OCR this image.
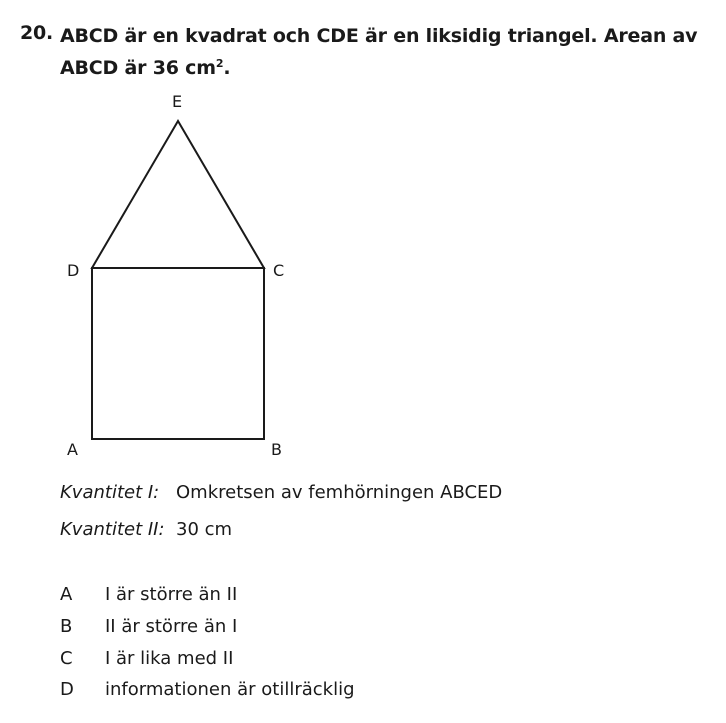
20. ABCD är en kvadrat och CDE är en liksidig triangel. Arean av
ABCD är 36 $cm^2$.
E
D	C
A	B
Kvantitet I: Omkretsen av femhörningen ABCED
Kvantitet II: 30 cm
A I är större än II
B II är större än I
C I är lika med II
D informationen är otillräcklig
